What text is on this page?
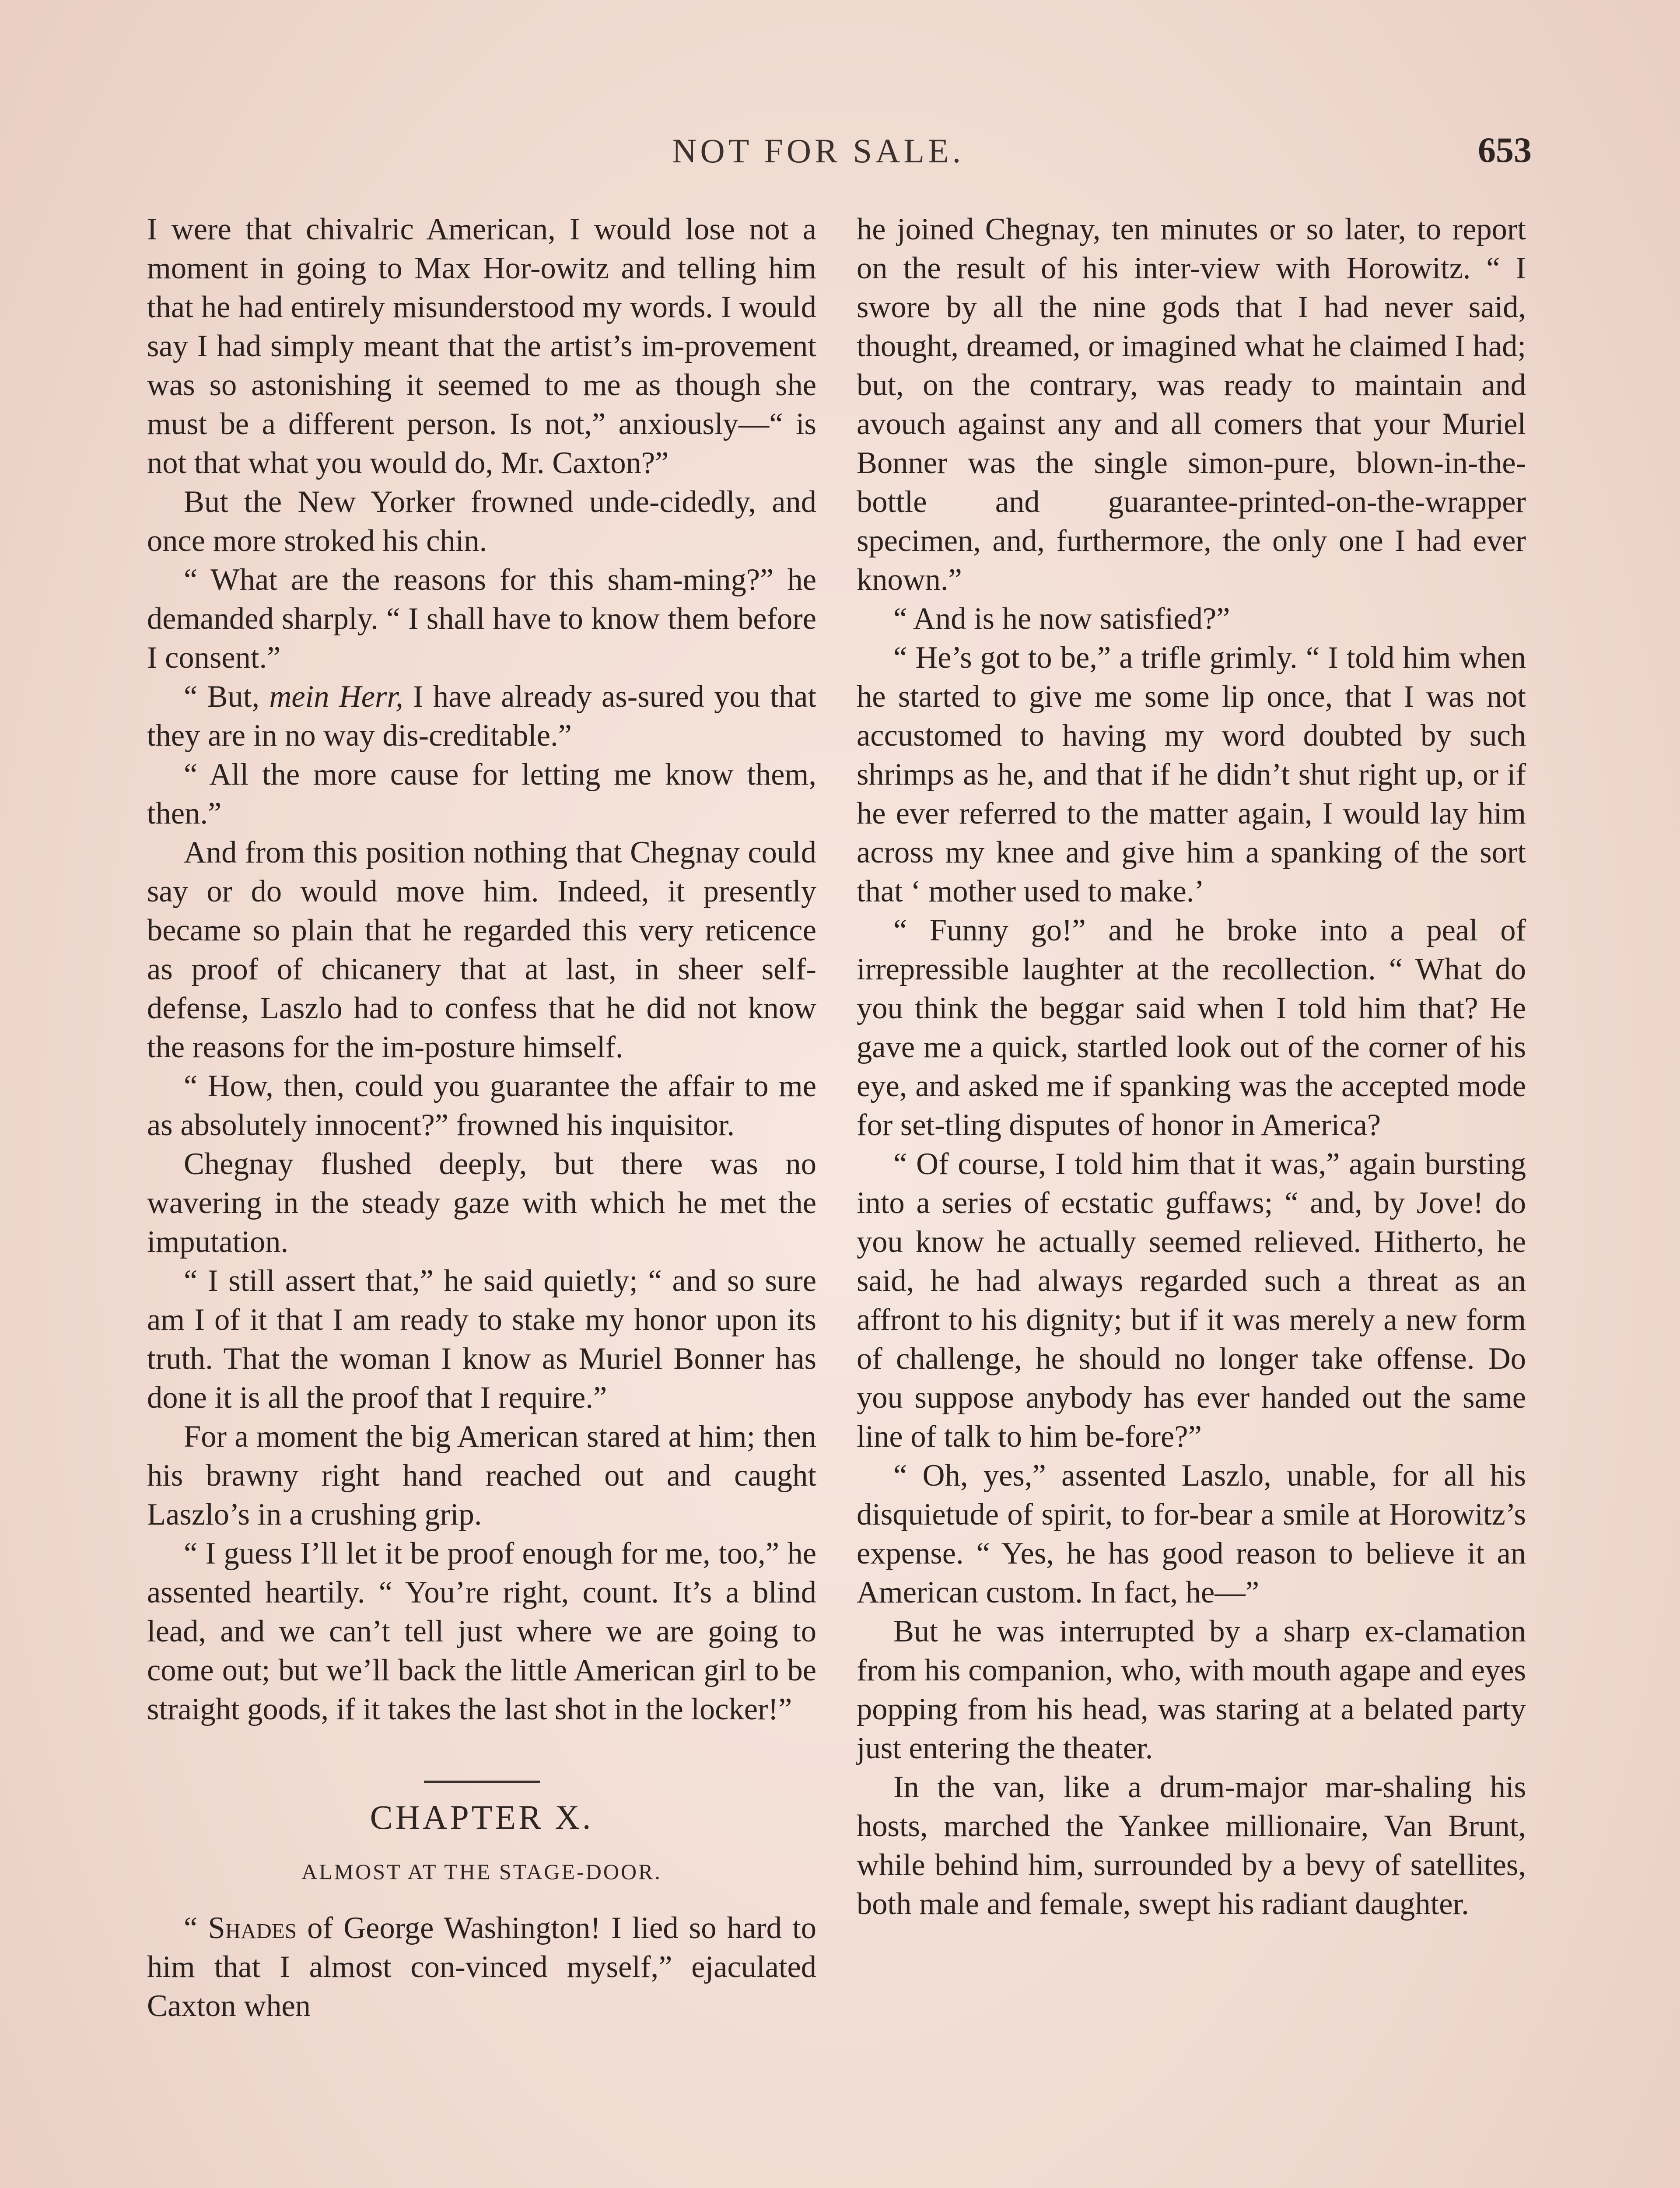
NOT FOR SALE.	653

I were that chivalric American, I would lose not a moment in going to Max Hor-owitz and telling him that he had entirely misunderstood my words. I would say I had simply meant that the artist’s im-provement was so astonishing it seemed to me as though she must be a different person. Is not,” anxiously—“ is not that what you would do, Mr. Caxton?”

But the New Yorker frowned unde-cidedly, and once more stroked his chin.

“ What are the reasons for this sham-ming?” he demanded sharply. “ I shall have to know them before I consent.”

“ But, mein Herr, I have already as-sured you that they are in no way dis-creditable.”

“ All the more cause for letting me know them, then.”

And from this position nothing that Chegnay could say or do would move him. Indeed, it presently became so plain that he regarded this very reticence as proof of chicanery that at last, in sheer self-defense, Laszlo had to confess that he did not know the reasons for the im-posture himself.

“ How, then, could you guarantee the affair to me as absolutely innocent?” frowned his inquisitor.

Chegnay flushed deeply, but there was no wavering in the steady gaze with which he met the imputation.

“ I still assert that,” he said quietly; “ and so sure am I of it that I am ready to stake my honor upon its truth. That the woman I know as Muriel Bonner has done it is all the proof that I require.”

For a moment the big American stared at him; then his brawny right hand reached out and caught Laszlo’s in a crushing grip.

“ I guess I’ll let it be proof enough for me, too,” he assented heartily. “ You’re right, count. It’s a blind lead, and we can’t tell just where we are going to come out; but we’ll back the little American girl to be straight goods, if it takes the last shot in the locker!”

CHAPTER X.
ALMOST AT THE STAGE-DOOR.

“ Shades of George Washington! I lied so hard to him that I almost con-vinced myself,” ejaculated Caxton when

he joined Chegnay, ten minutes or so later, to report on the result of his inter-view with Horowitz. “ I swore by all the nine gods that I had never said, thought, dreamed, or imagined what he claimed I had; but, on the contrary, was ready to maintain and avouch against any and all comers that your Muriel Bonner was the single simon-pure, blown-in-the-bottle and guarantee-printed-on-the-wrapper specimen, and, furthermore, the only one I had ever known.”

“ And is he now satisfied?”

“ He’s got to be,” a trifle grimly. “ I told him when he started to give me some lip once, that I was not accustomed to having my word doubted by such shrimps as he, and that if he didn’t shut right up, or if he ever referred to the matter again, I would lay him across my knee and give him a spanking of the sort that ‘ mother used to make.’

“ Funny go!” and he broke into a peal of irrepressible laughter at the recollection. “ What do you think the beggar said when I told him that? He gave me a quick, startled look out of the corner of his eye, and asked me if spanking was the accepted mode for set-tling disputes of honor in America?

“ Of course, I told him that it was,” again bursting into a series of ecstatic guffaws; “ and, by Jove! do you know he actually seemed relieved. Hitherto, he said, he had always regarded such a threat as an affront to his dignity; but if it was merely a new form of challenge, he should no longer take offense. Do you suppose anybody has ever handed out the same line of talk to him be-fore?”

“ Oh, yes,” assented Laszlo, unable, for all his disquietude of spirit, to for-bear a smile at Horowitz’s expense. “ Yes, he has good reason to believe it an American custom. In fact, he—”

But he was interrupted by a sharp ex-clamation from his companion, who, with mouth agape and eyes popping from his head, was staring at a belated party just entering the theater.

In the van, like a drum-major mar-shaling his hosts, marched the Yankee millionaire, Van Brunt, while behind him, surrounded by a bevy of satellites, both male and female, swept his radiant daughter.
